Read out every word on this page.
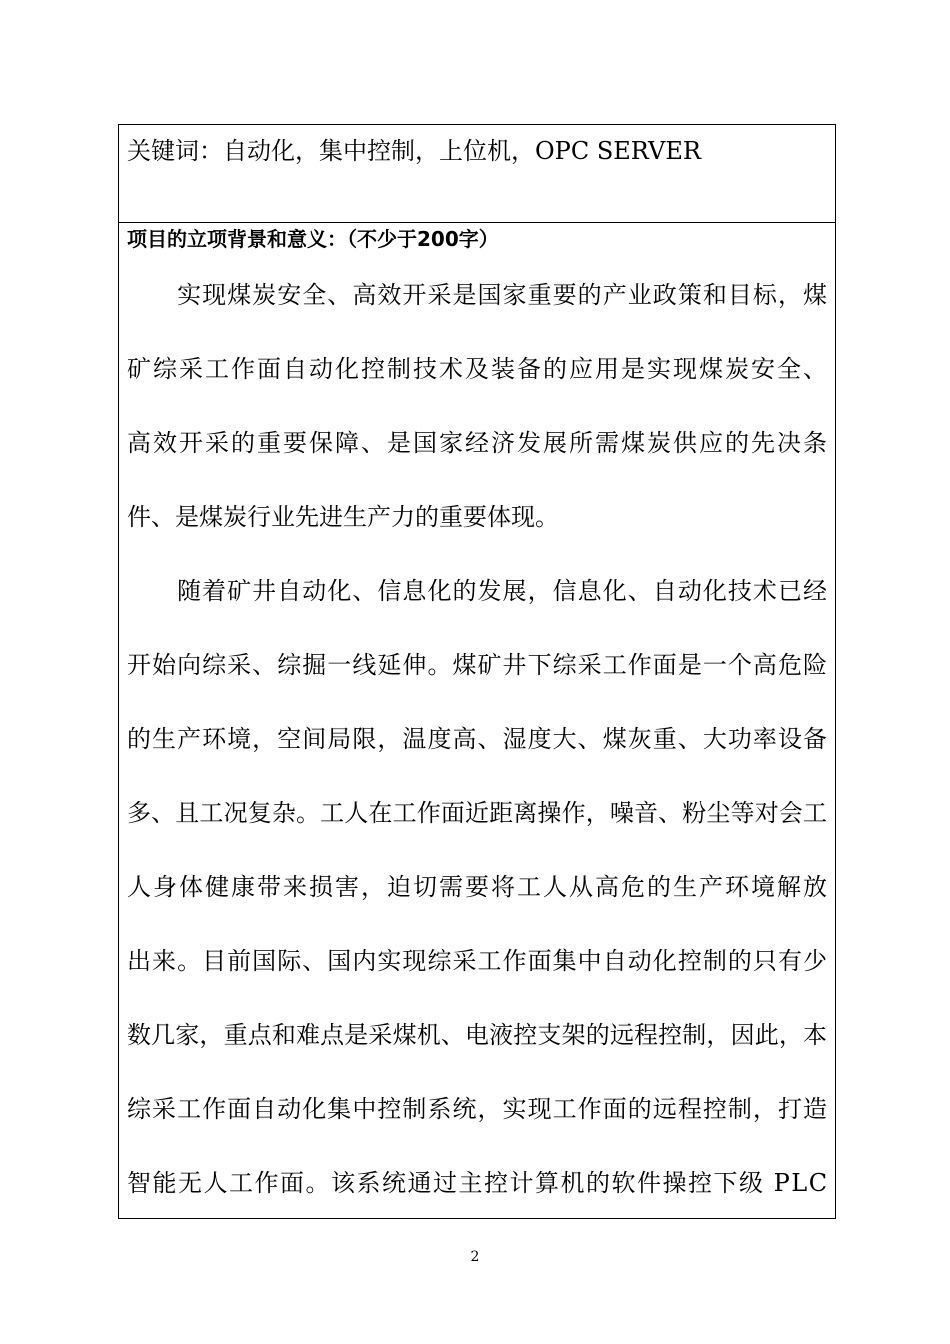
关键词：自动化，集中控制，上位机，OPC SERVER
项目的立项背景和意义：（不少于200字）
　　实现煤炭安全、高效开采是国家重要的产业政策和目标，煤
矿综采工作面自动化控制技术及装备的应用是实现煤炭安全、
高效开采的重要保障、是国家经济发展所需煤炭供应的先决条
件、是煤炭行业先进生产力的重要体现。
　　随着矿井自动化、信息化的发展，信息化、自动化技术已经
开始向综采、综掘一线延伸。煤矿井下综采工作面是一个高危险
的生产环境，空间局限，温度高、湿度大、煤灰重、大功率设备
多、且工况复杂。工人在工作面近距离操作，噪音、粉尘等对会工
人身体健康带来损害，迫切需要将工人从高危的生产环境解放
出来。目前国际、国内实现综采工作面集中自动化控制的只有少
数几家，重点和难点是采煤机、电液控支架的远程控制，因此，本
综采工作面自动化集中控制系统，实现工作面的远程控制，打造
智能无人工作面。该系统通过主控计算机的软件操控下级 PLC
2
